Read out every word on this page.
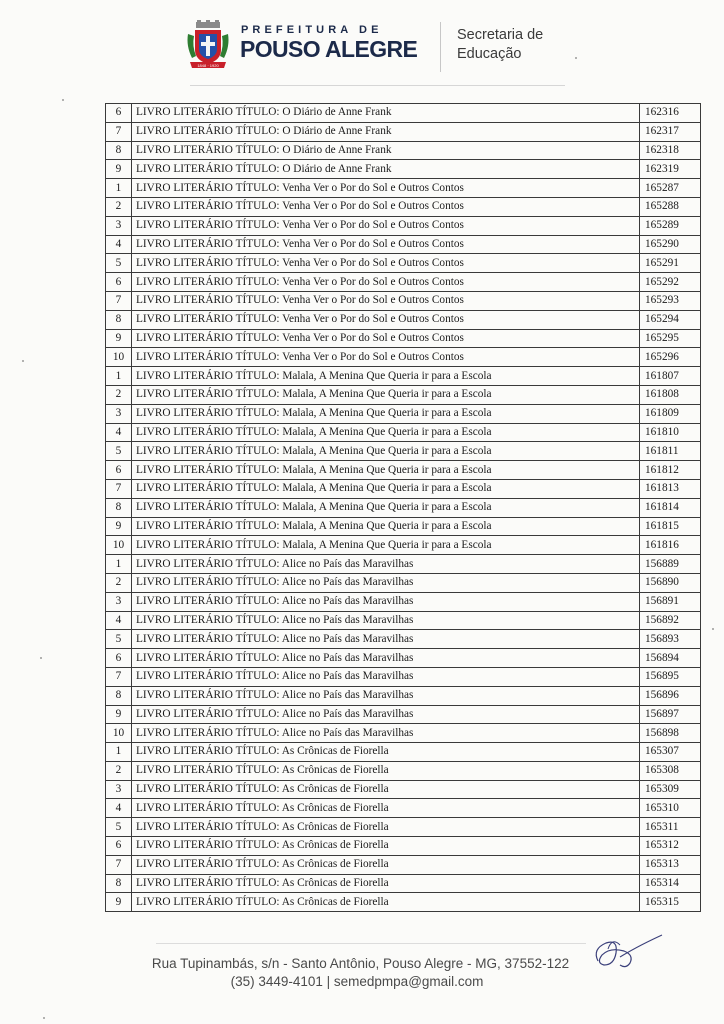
1848 · 1920
PREFEITURA DE
POUSO ALEGRE
Secretaria de
Educação
6	LIVRO LITERÁRIO TÍTULO: O Diário de Anne Frank	162316
7	LIVRO LITERÁRIO TÍTULO: O Diário de Anne Frank	162317
8	LIVRO LITERÁRIO TÍTULO: O Diário de Anne Frank	162318
9	LIVRO LITERÁRIO TÍTULO: O Diário de Anne Frank	162319
1	LIVRO LITERÁRIO TÍTULO: Venha Ver o Por do Sol e Outros Contos	165287
2	LIVRO LITERÁRIO TÍTULO: Venha Ver o Por do Sol e Outros Contos	165288
3	LIVRO LITERÁRIO TÍTULO: Venha Ver o Por do Sol e Outros Contos	165289
4	LIVRO LITERÁRIO TÍTULO: Venha Ver o Por do Sol e Outros Contos	165290
5	LIVRO LITERÁRIO TÍTULO: Venha Ver o Por do Sol e Outros Contos	165291
6	LIVRO LITERÁRIO TÍTULO: Venha Ver o Por do Sol e Outros Contos	165292
7	LIVRO LITERÁRIO TÍTULO: Venha Ver o Por do Sol e Outros Contos	165293
8	LIVRO LITERÁRIO TÍTULO: Venha Ver o Por do Sol e Outros Contos	165294
9	LIVRO LITERÁRIO TÍTULO: Venha Ver o Por do Sol e Outros Contos	165295
10	LIVRO LITERÁRIO TÍTULO: Venha Ver o Por do Sol e Outros Contos	165296
1	LIVRO LITERÁRIO TÍTULO: Malala, A Menina Que Queria ir para a Escola	161807
2	LIVRO LITERÁRIO TÍTULO: Malala, A Menina Que Queria ir para a Escola	161808
3	LIVRO LITERÁRIO TÍTULO: Malala, A Menina Que Queria ir para a Escola	161809
4	LIVRO LITERÁRIO TÍTULO: Malala, A Menina Que Queria ir para a Escola	161810
5	LIVRO LITERÁRIO TÍTULO: Malala, A Menina Que Queria ir para a Escola	161811
6	LIVRO LITERÁRIO TÍTULO: Malala, A Menina Que Queria ir para a Escola	161812
7	LIVRO LITERÁRIO TÍTULO: Malala, A Menina Que Queria ir para a Escola	161813
8	LIVRO LITERÁRIO TÍTULO: Malala, A Menina Que Queria ir para a Escola	161814
9	LIVRO LITERÁRIO TÍTULO: Malala, A Menina Que Queria ir para a Escola	161815
10	LIVRO LITERÁRIO TÍTULO: Malala, A Menina Que Queria ir para a Escola	161816
1	LIVRO LITERÁRIO TÍTULO: Alice no País das Maravilhas	156889
2	LIVRO LITERÁRIO TÍTULO: Alice no País das Maravilhas	156890
3	LIVRO LITERÁRIO TÍTULO: Alice no País das Maravilhas	156891
4	LIVRO LITERÁRIO TÍTULO: Alice no País das Maravilhas	156892
5	LIVRO LITERÁRIO TÍTULO: Alice no País das Maravilhas	156893
6	LIVRO LITERÁRIO TÍTULO: Alice no País das Maravilhas	156894
7	LIVRO LITERÁRIO TÍTULO: Alice no País das Maravilhas	156895
8	LIVRO LITERÁRIO TÍTULO: Alice no País das Maravilhas	156896
9	LIVRO LITERÁRIO TÍTULO: Alice no País das Maravilhas	156897
10	LIVRO LITERÁRIO TÍTULO: Alice no País das Maravilhas	156898
1	LIVRO LITERÁRIO TÍTULO: As Crônicas de Fiorella	165307
2	LIVRO LITERÁRIO TÍTULO: As Crônicas de Fiorella	165308
3	LIVRO LITERÁRIO TÍTULO: As Crônicas de Fiorella	165309
4	LIVRO LITERÁRIO TÍTULO: As Crônicas de Fiorella	165310
5	LIVRO LITERÁRIO TÍTULO: As Crônicas de Fiorella	165311
6	LIVRO LITERÁRIO TÍTULO: As Crônicas de Fiorella	165312
7	LIVRO LITERÁRIO TÍTULO: As Crônicas de Fiorella	165313
8	LIVRO LITERÁRIO TÍTULO: As Crônicas de Fiorella	165314
9	LIVRO LITERÁRIO TÍTULO: As Crônicas de Fiorella	165315
Rua Tupinambás, s/n - Santo Antônio, Pouso Alegre - MG, 37552-122
(35) 3449-4101 | semedpmpa@gmail.com
